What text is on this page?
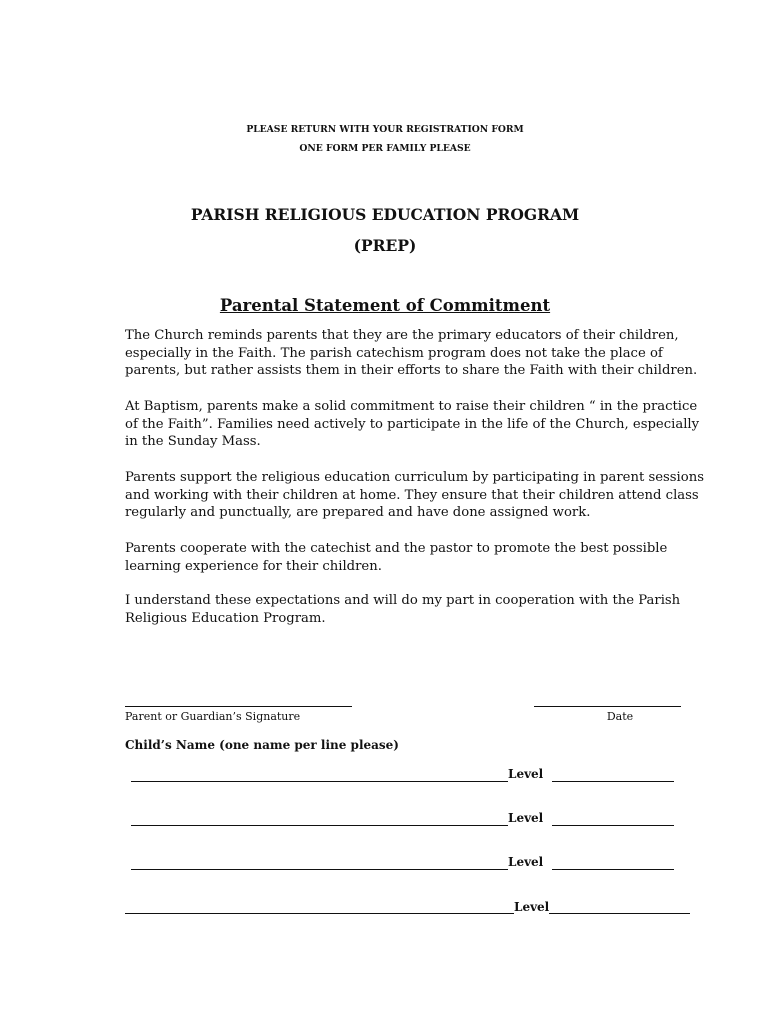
PLEASE RETURN WITH YOUR REGISTRATION FORM
ONE FORM PER FAMILY PLEASE
PARISH RELIGIOUS EDUCATION PROGRAM
(PREP)
Parental Statement of Commitment
The Church reminds parents that they are the primary educators of their children, especially in the Faith. The parish catechism program does not take the place of parents, but rather assists them in their efforts to share the Faith with their children.
At Baptism, parents make a solid commitment to raise their children “ in the practice of the Faith”. Families need actively to participate in the life of the Church, especially in the Sunday Mass.
Parents support the religious education curriculum by participating in parent sessions and working with their children at home. They ensure that their children attend class regularly and punctually, are prepared and have done assigned work.
Parents cooperate with the catechist and the pastor to promote the best possible learning experience for their children.
I understand these expectations and will do my part in cooperation with the Parish Religious Education Program.
Parent or Guardian’s Signature	Date
Child’s Name (one name per line please)
Level
Level
Level
Level
